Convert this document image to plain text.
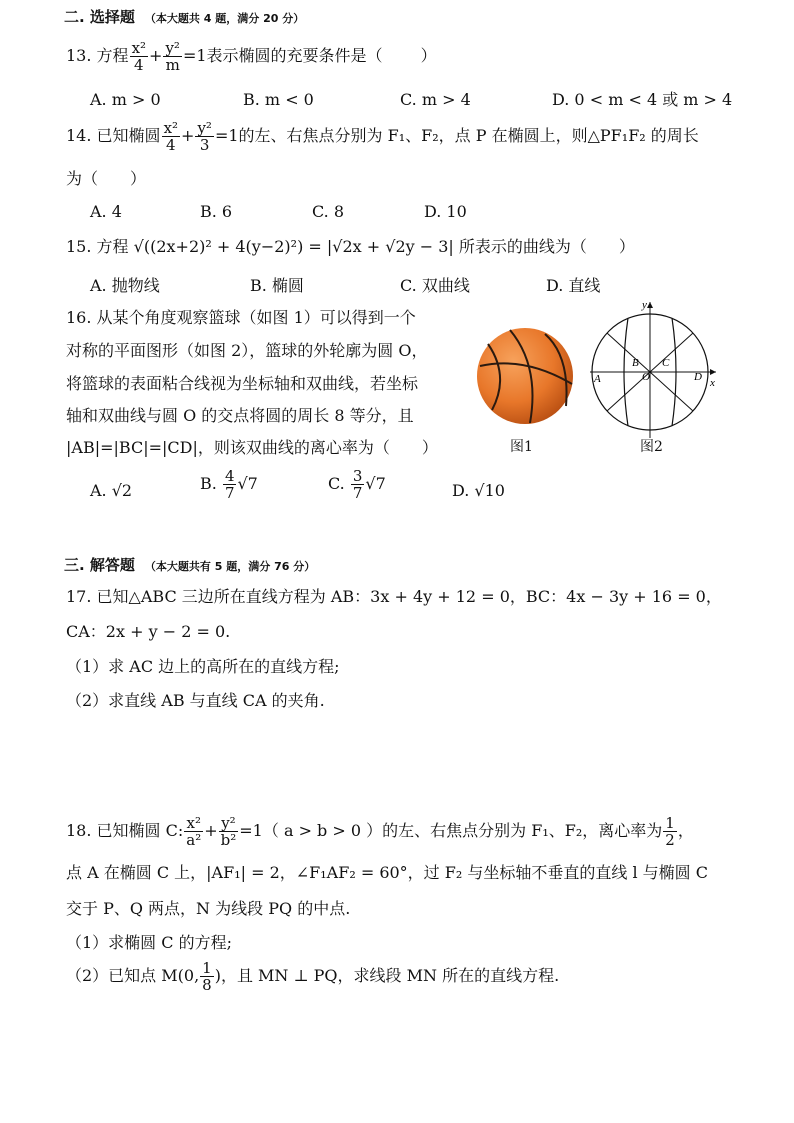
二. 选择题 （本大题共 4 题，满分 20 分）
13. 方程 $\frac{\text{x²}}{4} + \frac{\text{y²}}{m} =1$表示椭圆的充要条件是（ ）
A. m > 0	B. m < 0	C. m > 4	D. 0 < m < 4 或 m > 4
14. 已知椭圆 $\frac{\text{x²}}{4} + \frac{\text{y²}}{3} =1$的左、右焦点分别为 F₁、F₂，点 P 在椭圆上，则△PF₁F₂ 的周长
为（　　）
A. 4	B. 6	C. 8	D. 10
15. 方程 √((2x+2)² + 4(y−2)²) = |√2x + √2y − 3| 所表示的曲线为（　　）
A. 抛物线	B. 椭圆	C. 双曲线	D. 直线
16. 从某个角度观察篮球（如图 1）可以得到一个
对称的平面图形（如图 2），篮球的外轮廓为圆 O，
将篮球的表面粘合线视为坐标轴和双曲线，若坐标
轴和双曲线与圆 O 的交点将圆的周长 8 等分，且
|AB|=|BC|=|CD|，则该双曲线的离心率为（　　）
A. √2	B. $\frac{4}{7} √7$	C. $\frac{3}{7} √7$	D. √10
图1
y
x
A
B
O
C
D
图2
三. 解答题 （本大题共有 5 题，满分 76 分）
17. 已知△ABC 三边所在直线方程为 AB：3x + 4y + 12 = 0，BC：4x − 3y + 16 = 0，
CA：2x + y − 2 = 0.
（1）求 AC 边上的高所在的直线方程;
（2）求直线 AB 与直线 CA 的夹角.
18. 已知椭圆 C: $\frac{\text{x²}}{\text{a²}} + \frac{\text{y²}}{\text{b²}} =1$（ a > b > 0 ）的左、右焦点分别为 F₁、F₂，离心率为 $\frac{1}{2}$ ，
点 A 在椭圆 C 上，|AF₁| = 2，∠F₁AF₂ = 60°，过 F₂ 与坐标轴不垂直的直线 l 与椭圆 C
交于 P、Q 两点，N 为线段 PQ 的中点.
（1）求椭圆 C 的方程;
（2）已知点 M(0, $\frac{1}{8}$ )，且 MN ⊥ PQ，求线段 MN 所在的直线方程.
